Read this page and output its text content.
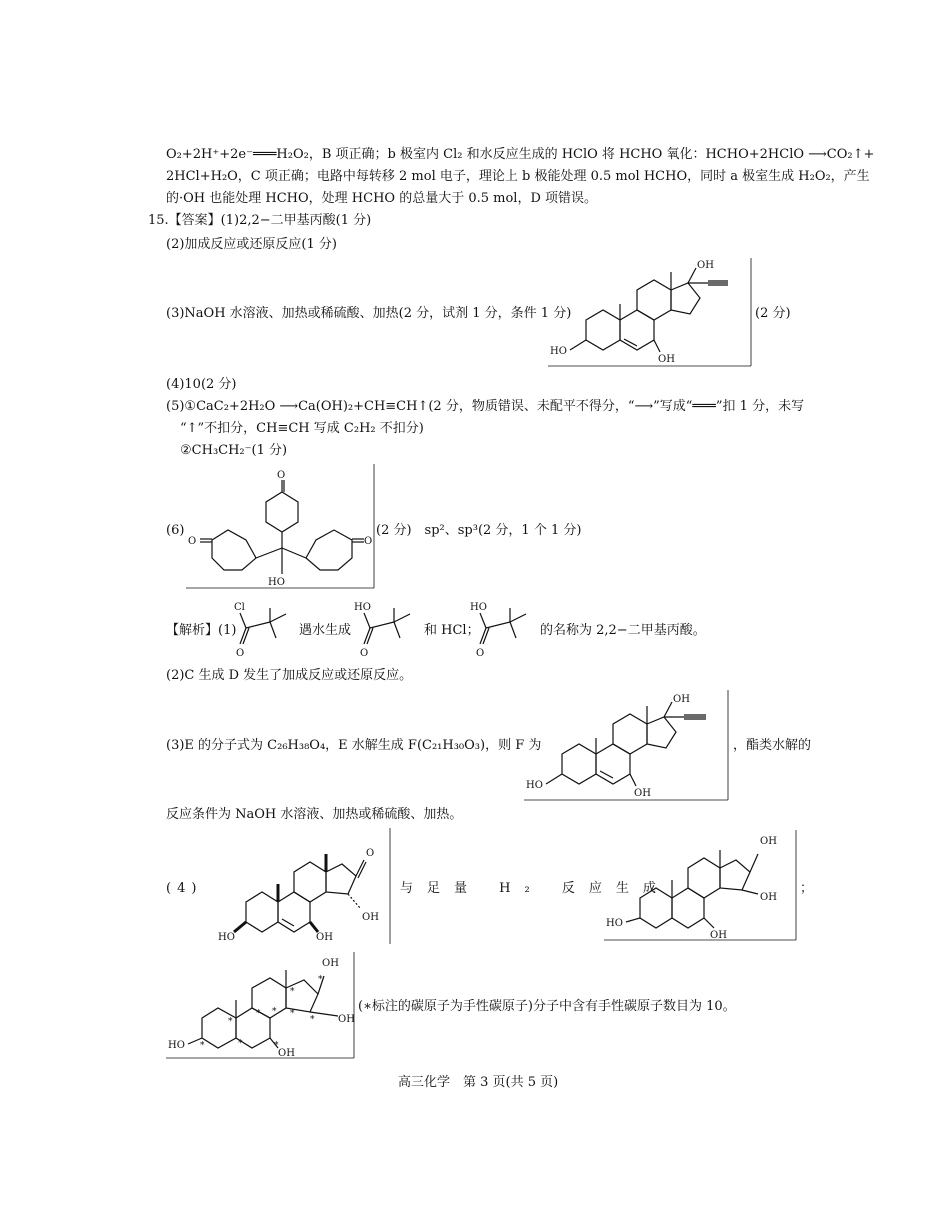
O₂+2H⁺+2e⁻═══H₂O₂，B 项正确；b 极室内 Cl₂ 和水反应生成的 HClO 将 HCHO 氧化：HCHO+2HClO ⟶CO₂↑+
2HCl+H₂O，C 项正确；电路中每转移 2 mol 电子，理论上 b 极能处理 0.5 mol HCHO，同时 a 极室生成 H₂O₂，产生
的·OH 也能处理 HCHO，处理 HCHO 的总量大于 0.5 mol，D 项错误。
15.【答案】(1)2,2−二甲基丙酸(1 分)
(2)加成反应或还原反应(1 分)
(3)NaOH 水溶液、加热或稀硫酸、加热(2 分，试剂 1 分，条件 1 分)	(2 分)
OH
HO
OH
(4)10(2 分)
(5)①CaC₂+2H₂O ⟶Ca(OH)₂+CH≡CH↑(2 分，物质错误、未配平不得分，“⟶”写成“═══”扣 1 分，未写
“↑”不扣分，CH≡CH 写成 C₂H₂ 不扣分)
②CH₃CH₂⁻(1 分)
(6)
O
O	O
HO
(2 分)　sp²、sp³(2 分，1 个 1 分)
【解析】(1)
Cl
O
遇水生成
HO
O
和 HCl；
HO
O
的名称为 2,2−二甲基丙酸。
(2)C 生成 D 发生了加成反应或还原反应。
(3)E 的分子式为 C₂₆H₃₈O₄，E 水解生成 F(C₂₁H₃₀O₃)，则 F 为
OH
HO
OH
，酯类水解的
反应条件为 NaOH 水溶液、加热或稀硫酸、加热。
(4)
O
OH
HO	OH
与足量 H₂ 反应生成
OH
OH
HO
OH
；
OH
OH
HO
OH
*
*
*
* *
*
*
*
*
*
(∗标注的碳原子为手性碳原子)分子中含有手性碳原子数目为 10。
高三化学　第 3 页(共 5 页)
